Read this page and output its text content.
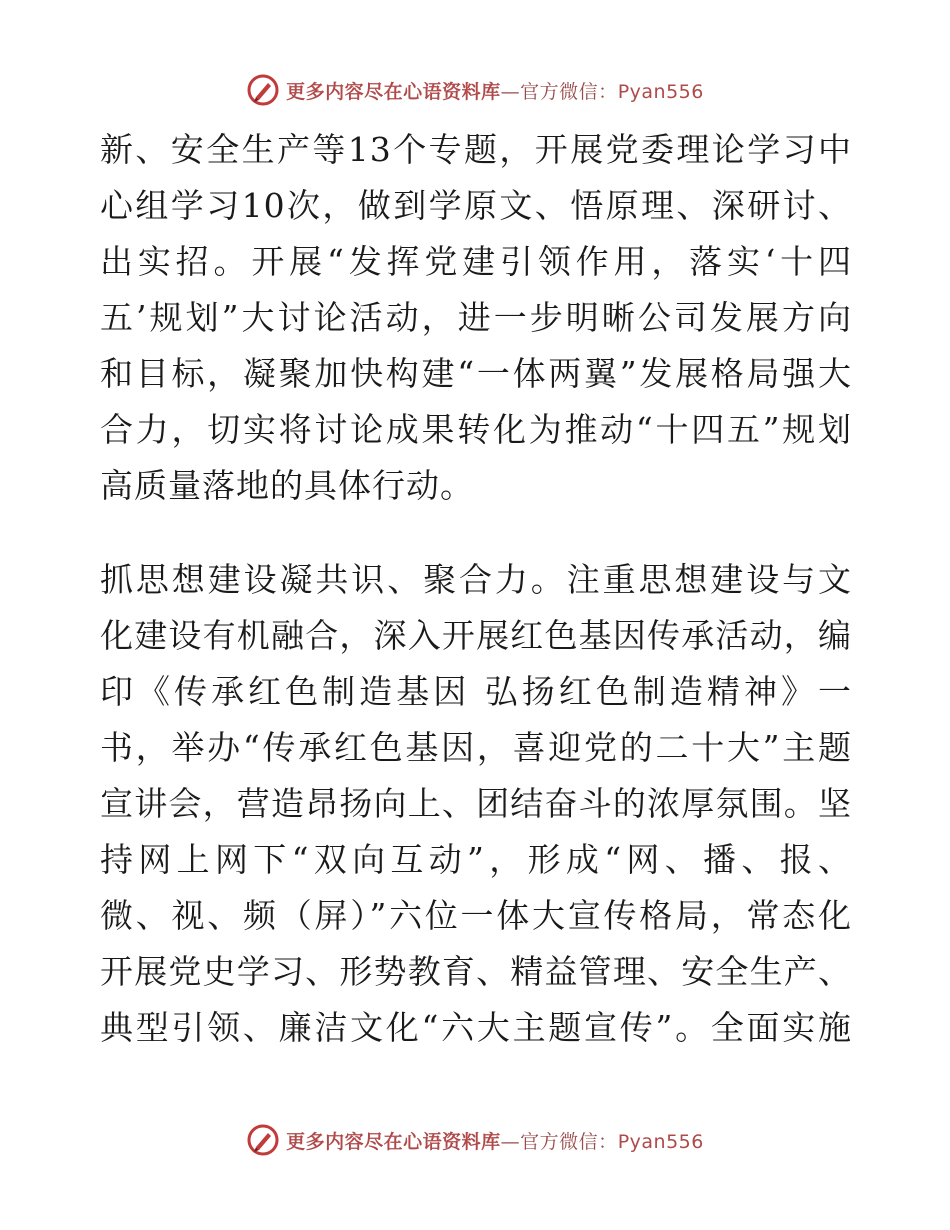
更多内容尽在心语资料库—官方微信：Pyan556
新、安全生产等13个专题，开展党委理论学习中
心组学习10次，做到学原文、悟原理、深研讨、
出实招。开展“发挥党建引领作用，落实‘十四
五’规划”大讨论活动，进一步明晰公司发展方向
和目标，凝聚加快构建“一体两翼”发展格局强大
合力，切实将讨论成果转化为推动“十四五”规划
高质量落地的具体行动。
抓思想建设凝共识、聚合力。注重思想建设与文
化建设有机融合，深入开展红色基因传承活动，编
印《传承红色制造基因 弘扬红色制造精神》一
书，举办“传承红色基因，喜迎党的二十大”主题
宣讲会，营造昂扬向上、团结奋斗的浓厚氛围。坚
持网上网下“双向互动”，形成“网、播、报、
微、视、频（屏）”六位一体大宣传格局，常态化
开展党史学习、形势教育、精益管理、安全生产、
典型引领、廉洁文化“六大主题宣传”。全面实施
更多内容尽在心语资料库—官方微信：Pyan556
